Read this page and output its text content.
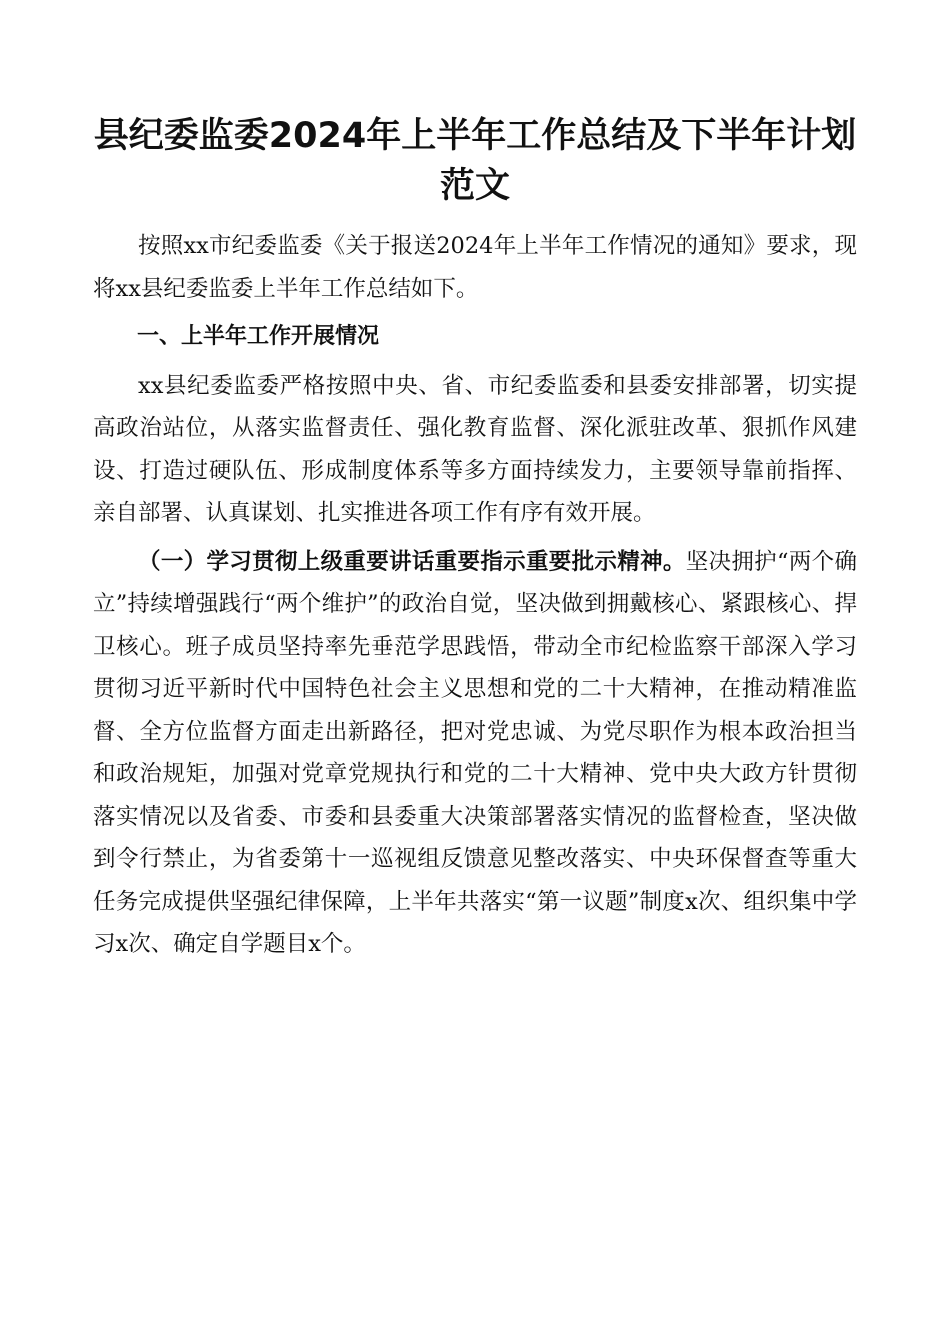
县纪委监委2024年上半年工作总结及下半年计划
范文

按照xx市纪委监委《关于报送2024年上半年工作情况的通知》要求，现将xx县纪委监委上半年工作总结如下。

一、上半年工作开展情况

xx县纪委监委严格按照中央、省、市纪委监委和县委安排部署，切实提高政治站位，从落实监督责任、强化教育监督、深化派驻改革、狠抓作风建设、打造过硬队伍、形成制度体系等多方面持续发力，主要领导靠前指挥、亲自部署、认真谋划、扎实推进各项工作有序有效开展。

（一）学习贯彻上级重要讲话重要指示重要批示精神。坚决拥护“两个确立”持续增强践行“两个维护”的政治自觉，坚决做到拥戴核心、紧跟核心、捍卫核心。班子成员坚持率先垂范学思践悟，带动全市纪检监察干部深入学习贯彻习近平新时代中国特色社会主义思想和党的二十大精神，在推动精准监督、全方位监督方面走出新路径，把对党忠诚、为党尽职作为根本政治担当和政治规矩，加强对党章党规执行和党的二十大精神、党中央大政方针贯彻落实情况以及省委、市委和县委重大决策部署落实情况的监督检查，坚决做到令行禁止，为省委第十一巡视组反馈意见整改落实、中央环保督查等重大任务完成提供坚强纪律保障，上半年共落实“第一议题”制度x次、组织集中学习x次、确定自学题目x个。
